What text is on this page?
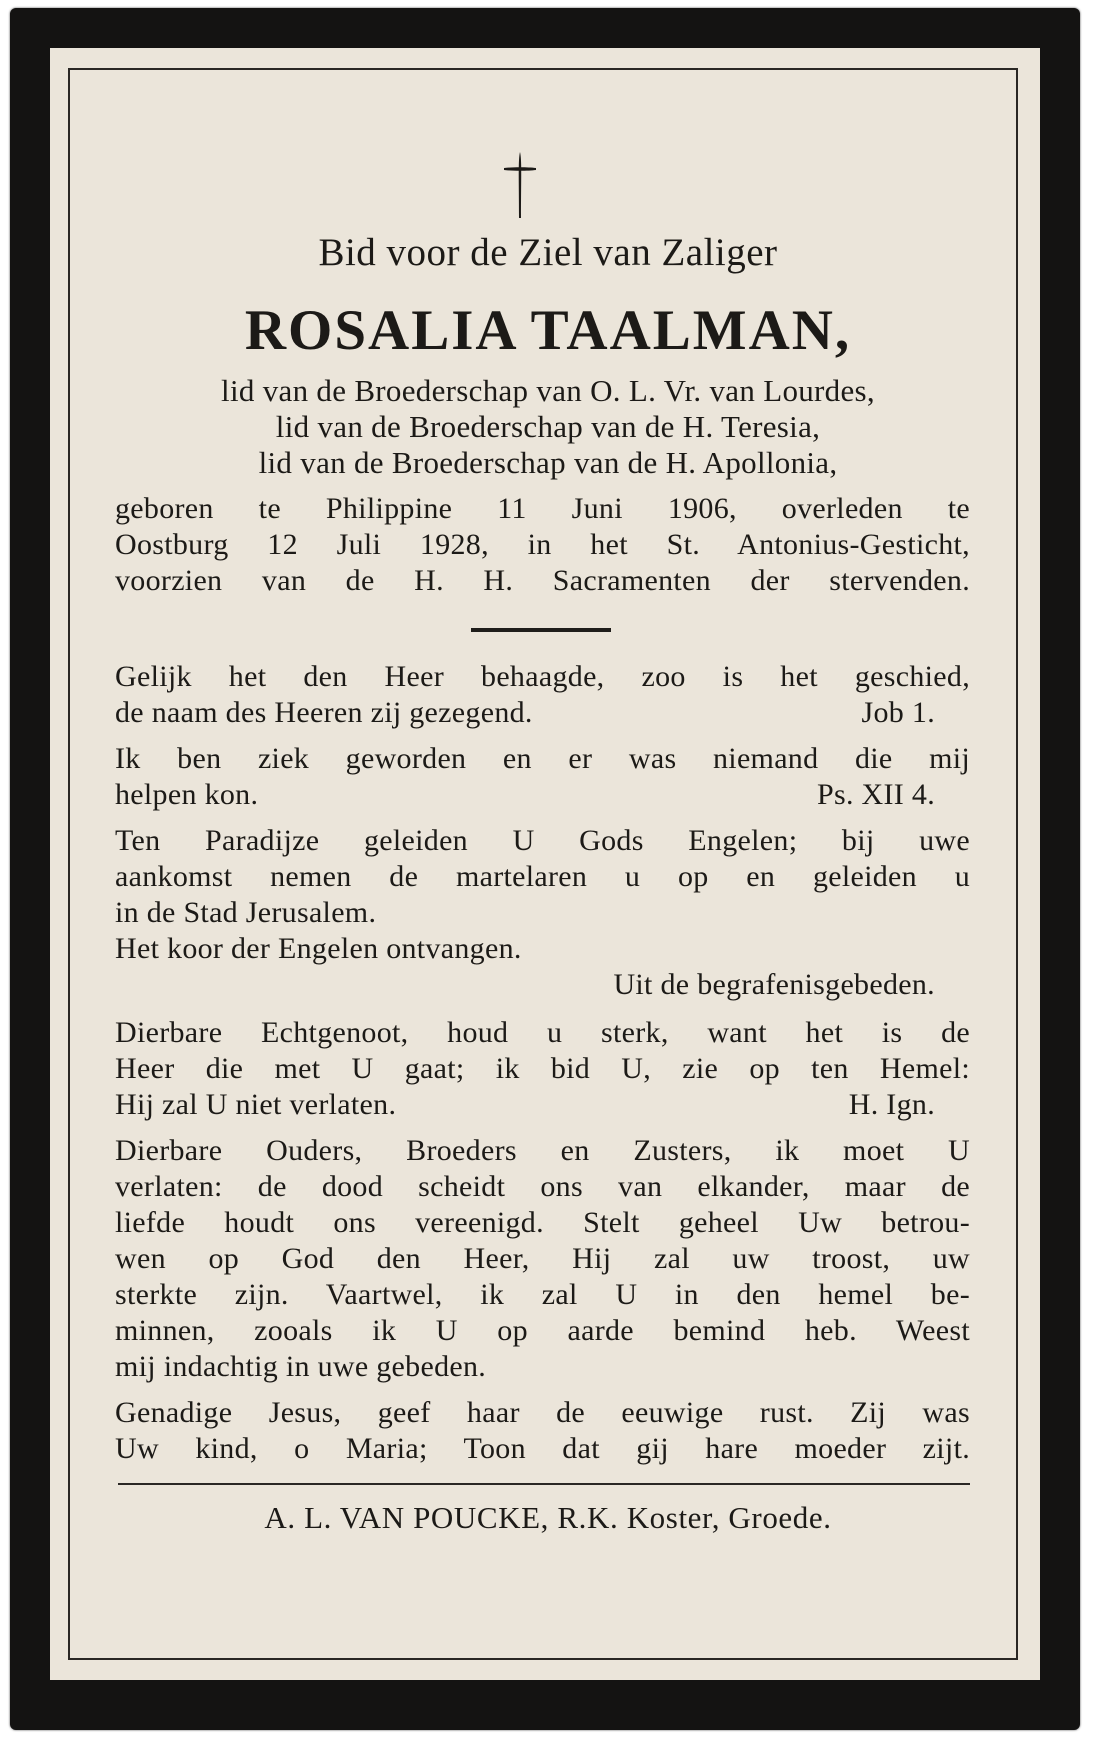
Bid voor de Ziel van Zaliger
ROSALIA TAALMAN,
lid van de Broederschap van O. L. Vr. van Lourdes,
lid van de Broederschap van de H. Teresia,
lid van de Broederschap van de H. Apollonia,
geboren te Philippine 11 Juni 1906, overleden te
Oostburg 12 Juli 1928, in het St. Antonius-Gesticht,
voorzien van de H. H. Sacramenten der stervenden.
Gelijk het den Heer behaagde, zoo is het geschied,
de naam des Heeren zij gezegend.	Job 1.
Ik ben ziek geworden en er was niemand die mij
helpen kon.	Ps. XII 4.
Ten Paradijze geleiden U Gods Engelen; bij uwe
aankomst nemen de martelaren u op en geleiden u
in de Stad Jerusalem.
Het koor der Engelen ontvangen.
Uit de begrafenisgebeden.
Dierbare Echtgenoot, houd u sterk, want het is de
Heer die met U gaat; ik bid U, zie op ten Hemel:
Hij zal U niet verlaten.	H. Ign.
Dierbare Ouders, Broeders en Zusters, ik moet U
verlaten: de dood scheidt ons van elkander, maar de
liefde houdt ons vereenigd. Stelt geheel Uw betrou-
wen op God den Heer, Hij zal uw troost, uw
sterkte zijn. Vaartwel, ik zal U in den hemel be-
minnen, zooals ik U op aarde bemind heb. Weest
mij indachtig in uwe gebeden.
Genadige Jesus, geef haar de eeuwige rust. Zij was
Uw kind, o Maria; Toon dat gij hare moeder zijt.
A. L. VAN POUCKE, R.K. Koster, Groede.
